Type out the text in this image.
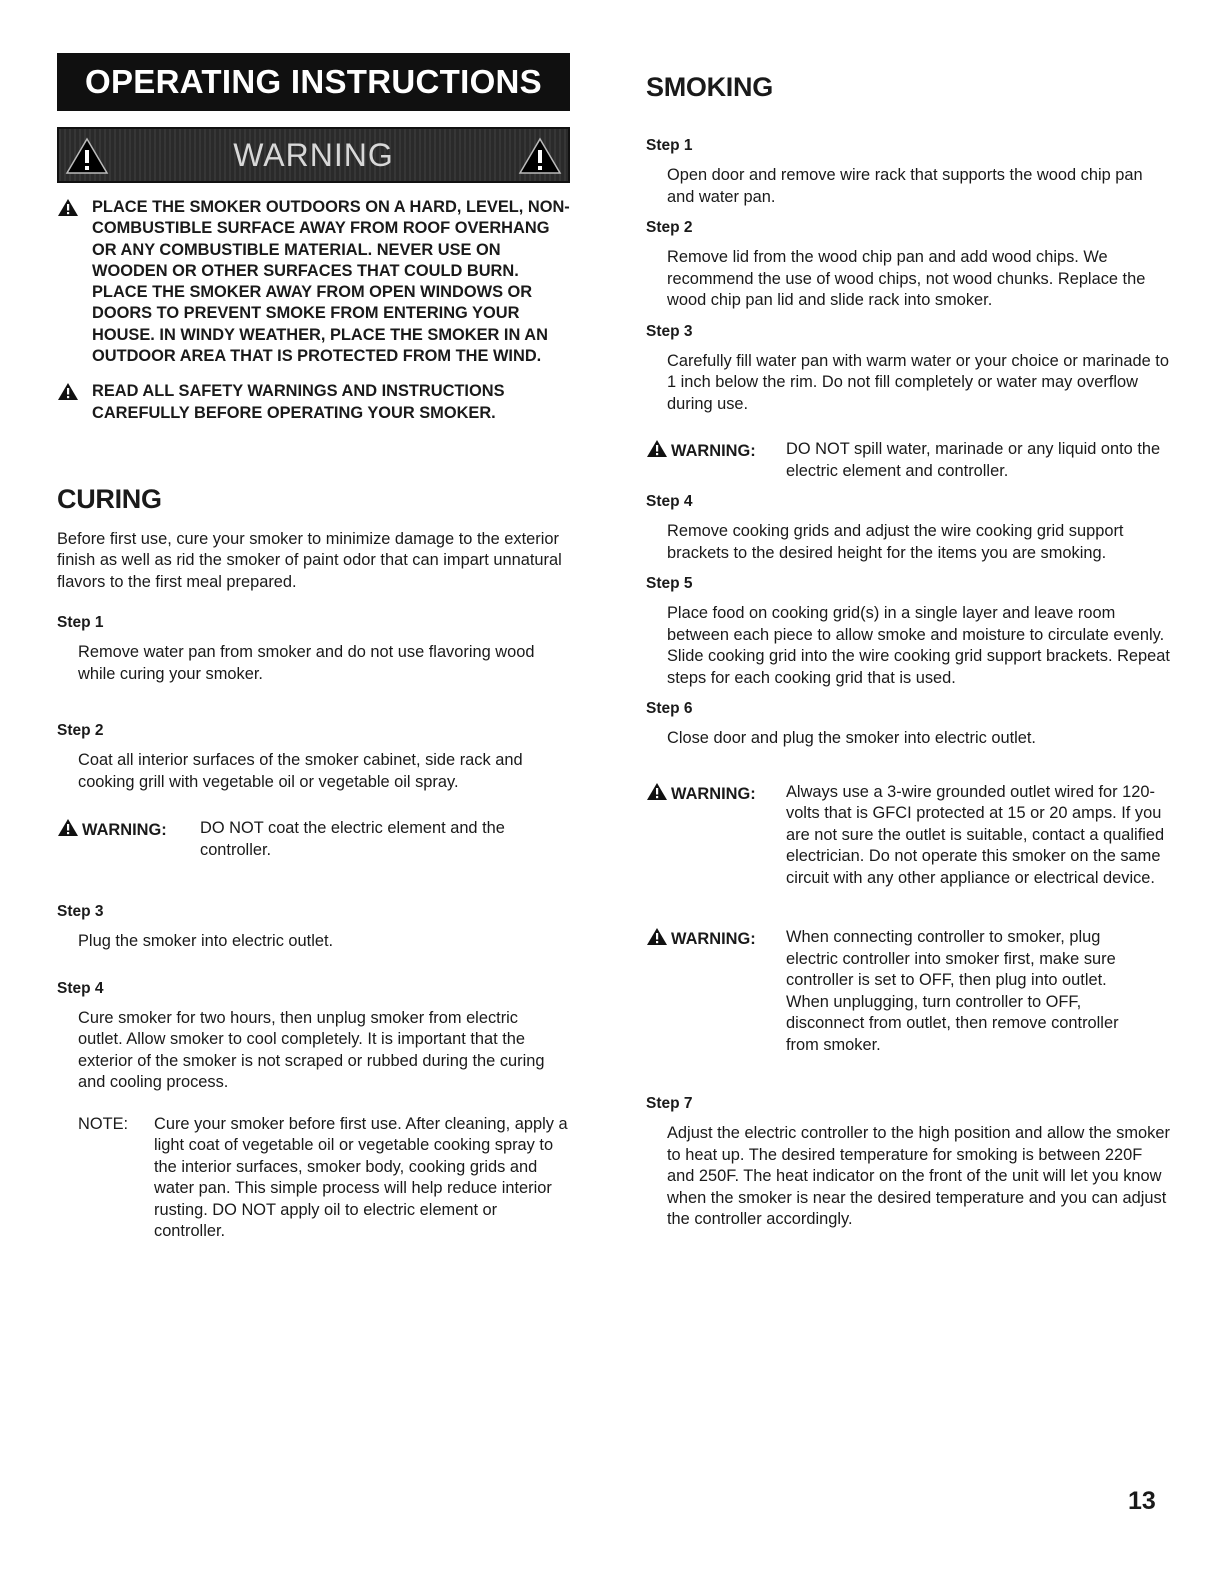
OPERATING INSTRUCTIONS
WARNING
PLACE THE SMOKER OUTDOORS ON A HARD, LEVEL, NON- COMBUSTIBLE SURFACE AWAY FROM ROOF OVERHANG OR ANY COMBUSTIBLE MATERIAL. NEVER USE ON WOODEN OR OTHER SURFACES THAT COULD BURN. PLACE THE SMOKER AWAY FROM OPEN WINDOWS OR DOORS TO PREVENT SMOKE FROM ENTERING YOUR HOUSE. IN WINDY WEATHER, PLACE THE SMOKER IN AN OUTDOOR AREA THAT IS PROTECTED FROM THE WIND.
READ ALL SAFETY WARNINGS AND INSTRUCTIONS CAREFULLY BEFORE OPERATING YOUR SMOKER.
CURING
Before first use, cure your smoker to minimize damage to the exterior finish as well as rid the smoker of paint odor that can impart unnatural flavors to the first meal prepared.
Step 1
Remove water pan from smoker and do not use flavoring wood while curing your smoker.
Step 2
Coat all interior surfaces of the smoker cabinet, side rack and cooking grill with vegetable oil or vegetable oil spray.
WARNING: DO NOT coat the electric element and the controller.
Step 3
Plug the smoker into electric outlet.
Step 4
Cure smoker for two hours, then unplug smoker from electric outlet. Allow smoker to cool completely. It is important that the exterior of the smoker is not scraped or rubbed during the curing and cooling process.
NOTE: Cure your smoker before first use. After cleaning, apply a light coat of vegetable oil or vegetable cooking spray to the interior surfaces, smoker body, cooking grids and water pan. This simple process will help reduce interior rusting. DO NOT apply oil to electric element or controller.
SMOKING
Step 1
Open door and remove wire rack that supports the wood chip pan and water pan.
Step 2
Remove lid from the wood chip pan and add wood chips. We recommend the use of wood chips, not wood chunks. Replace the wood chip pan lid and slide rack into smoker.
Step 3
Carefully fill water pan with warm water or your choice or marinade to 1 inch below the rim. Do not fill completely or water may overflow during use.
WARNING: DO NOT spill water, marinade or any liquid onto the electric element and controller.
Step 4
Remove cooking grids and adjust the wire cooking grid support brackets to the desired height for the items you are smoking.
Step 5
Place food on cooking grid(s) in a single layer and leave room between each piece to allow smoke and moisture to circulate evenly. Slide cooking grid into the wire cooking grid support brackets. Repeat steps for each cooking grid that is used.
Step 6
Close door and plug the smoker into electric outlet.
WARNING: Always use a 3-wire grounded outlet wired for 120-volts that is GFCI protected at 15 or 20 amps. If you are not sure the outlet is suitable, contact a qualified electrician. Do not operate this smoker on the same circuit with any other appliance or electrical device.
WARNING: When connecting controller to smoker, plug electric controller into smoker first, make sure controller is set to OFF, then plug into outlet. When unplugging, turn controller to OFF, disconnect from outlet, then remove controller from smoker.
Step 7
Adjust the electric controller to the high position and allow the smoker to heat up. The desired temperature for smoking is between 220F and 250F. The heat indicator on the front of the unit will let you know when the smoker is near the desired temperature and you can adjust the controller accordingly.
13
